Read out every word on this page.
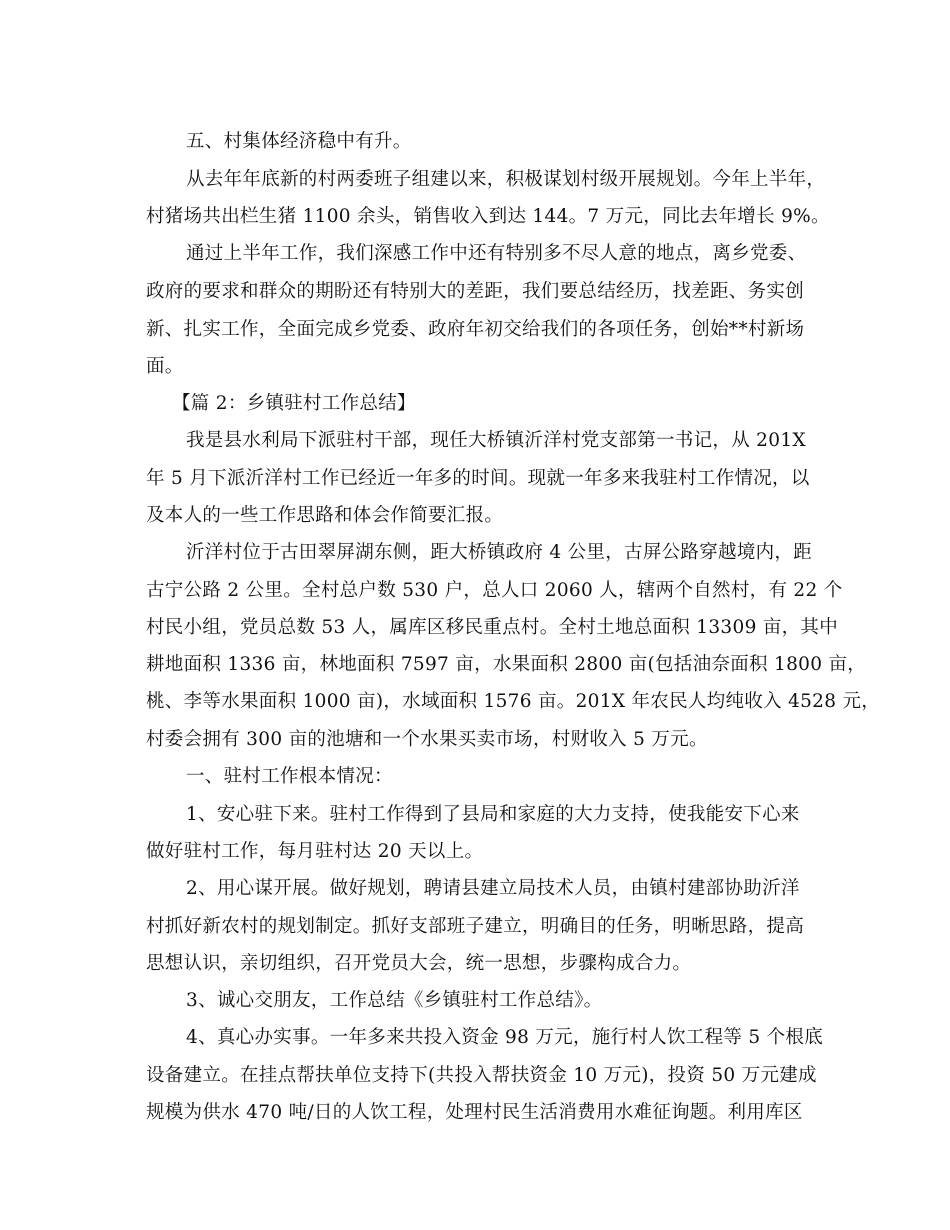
五、村集体经济稳中有升。
从去年年底新的村两委班子组建以来，积极谋划村级开展规划。今年上半年，
村猪场共出栏生猪 1100 余头，销售收入到达 144。7 万元，同比去年增长 9%。
通过上半年工作，我们深感工作中还有特别多不尽人意的地点，离乡党委、
政府的要求和群众的期盼还有特别大的差距，我们要总结经历，找差距、务实创
新、扎实工作，全面完成乡党委、政府年初交给我们的各项任务，创始**村新场
面。
【篇 2：乡镇驻村工作总结】
我是县水利局下派驻村干部，现任大桥镇沂洋村党支部第一书记，从 201X
年 5 月下派沂洋村工作已经近一年多的时间。现就一年多来我驻村工作情况，以
及本人的一些工作思路和体会作简要汇报。
沂洋村位于古田翠屏湖东侧，距大桥镇政府 4 公里，古屏公路穿越境内，距
古宁公路 2 公里。全村总户数 530 户，总人口 2060 人，辖两个自然村，有 22 个
村民小组，党员总数 53 人，属库区移民重点村。全村土地总面积 13309 亩，其中
耕地面积 1336 亩，林地面积 7597 亩，水果面积 2800 亩(包括油奈面积 1800 亩，
桃、李等水果面积 1000 亩)，水域面积 1576 亩。201X 年农民人均纯收入 4528 元，
村委会拥有 300 亩的池塘和一个水果买卖市场，村财收入 5 万元。
一、驻村工作根本情况：
1、安心驻下来。驻村工作得到了县局和家庭的大力支持，使我能安下心来
做好驻村工作，每月驻村达 20 天以上。
2、用心谋开展。做好规划，聘请县建立局技术人员，由镇村建部协助沂洋
村抓好新农村的规划制定。抓好支部班子建立，明确目的任务，明晰思路，提高
思想认识，亲切组织，召开党员大会，统一思想，步骤构成合力。
3、诚心交朋友，工作总结《乡镇驻村工作总结》。
4、真心办实事。一年多来共投入资金 98 万元，施行村人饮工程等 5 个根底
设备建立。在挂点帮扶单位支持下(共投入帮扶资金 10 万元)，投资 50 万元建成
规模为供水 470 吨/日的人饮工程，处理村民生活消费用水难征询题。利用库区
